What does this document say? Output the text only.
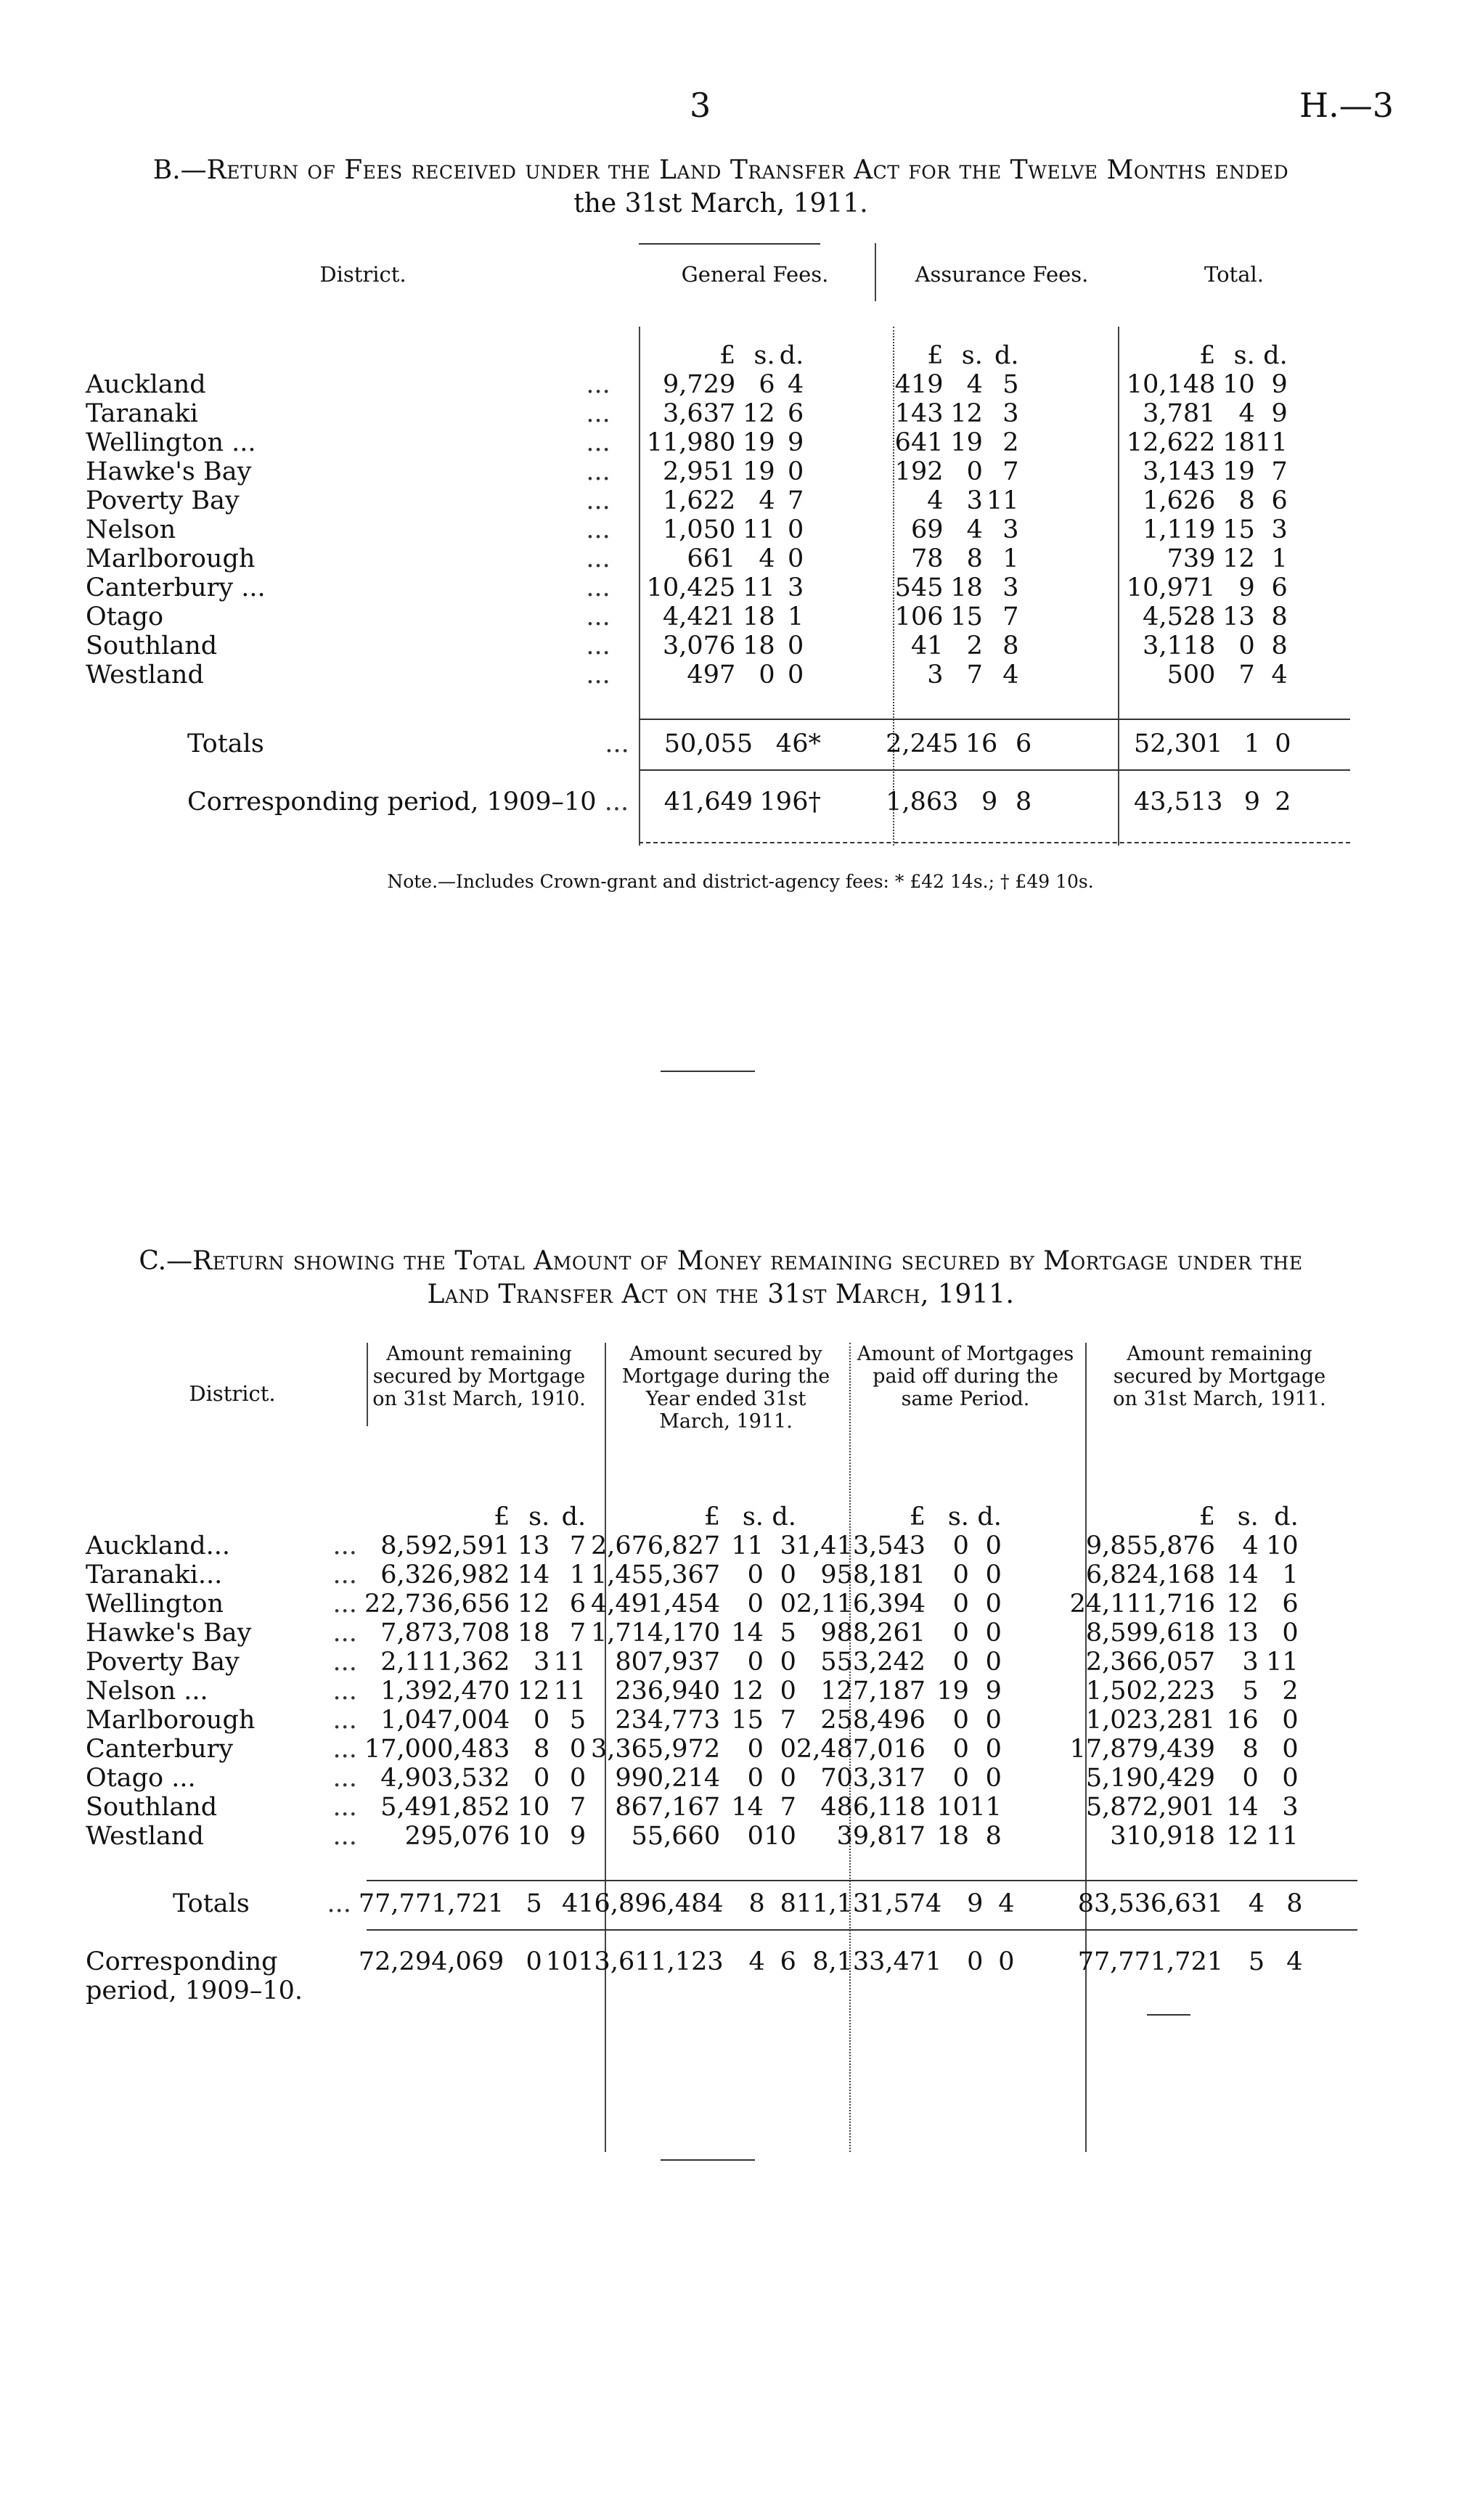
3	H.—3
B.—Return of Fees received under the Land Transfer Act for the Twelve Months ended
the 31st March, 1911.
District.	General Fees.	Assurance Fees.	Total.
		£	s.	d.	£	s.	d.	£	s.	d.	
Auckland	...	9,729	6	4	419	4	5	10,148	10	9	
Taranaki	...	3,637	12	6	143	12	3	3,781	4	9	
Wellington ...	...	11,980	19	9	641	19	2	12,622	18	11	
Hawke's Bay	...	2,951	19	0	192	0	7	3,143	19	7	
Poverty Bay	...	1,622	4	7	4	3	11	1,626	8	6	
Nelson	...	1,050	11	0	69	4	3	1,119	15	3	
Marlborough	...	661	4	0	78	8	1	739	12	1	
Canterbury ...	...	10,425	11	3	545	18	3	10,971	9	6	
Otago	...	4,421	18	1	106	15	7	4,528	13	8	
Southland	...	3,076	18	0	41	2	8	3,118	0	8	
Westland	...	497	0	0	3	7	4	500	7	4	
Totals	...	50,055	4	6*	2,245	16	6	52,301	1	0	

Corresponding period, 1909–10 ...		41,649	19	6†	1,863	9	8	43,513	9	2	
Note.—Includes Crown-grant and district-agency fees: * £42 14s.; † £49 10s.
C.—Return showing the Total Amount of Money remaining secured by Mortgage under the
Land Transfer Act on the 31st March, 1911.
District.
Amount remaining secured by Mortgage on 31st March, 1910.
Amount secured by Mortgage during the Year ended 31st March, 1911.
Amount of Mortgages paid off during the same Period.
Amount remaining secured by Mortgage on 31st March, 1911.
		£	s.	d.	£	s.	d.	£	s.	d.	£	s.	d.	
Auckland...	...	8,592,591	13	7	2,676,827	11	3	1,413,543	0	0	9,855,876	4	10	
Taranaki...	...	6,326,982	14	1	1,455,367	0	0	958,181	0	0	6,824,168	14	1	
Wellington	...	22,736,656	12	6	4,491,454	0	0	2,116,394	0	0	24,111,716	12	6	
Hawke's Bay	...	7,873,708	18	7	1,714,170	14	5	988,261	0	0	8,599,618	13	0	
Poverty Bay	...	2,111,362	3	11	807,937	0	0	553,242	0	0	2,366,057	3	11	
Nelson ...	...	1,392,470	12	11	236,940	12	0	127,187	19	9	1,502,223	5	2	
Marlborough	...	1,047,004	0	5	234,773	15	7	258,496	0	0	1,023,281	16	0	
Canterbury	...	17,000,483	8	0	3,365,972	0	0	2,487,016	0	0	17,879,439	8	0	
Otago ...	...	4,903,532	0	0	990,214	0	0	703,317	0	0	5,190,429	0	0	
Southland	...	5,491,852	10	7	867,167	14	7	486,118	10	11	5,872,901	14	3	
Westland	...	295,076	10	9	55,660	0	10	39,817	18	8	310,918	12	11	
Totals	...	77,771,721	5	4	16,896,484	8	8	11,131,574	9	4	83,536,631	4	8	

Corresponding period, 1909–10.		72,294,069	0	10	13,611,123	4	6	8,133,471	0	0	77,771,721	5	4	
